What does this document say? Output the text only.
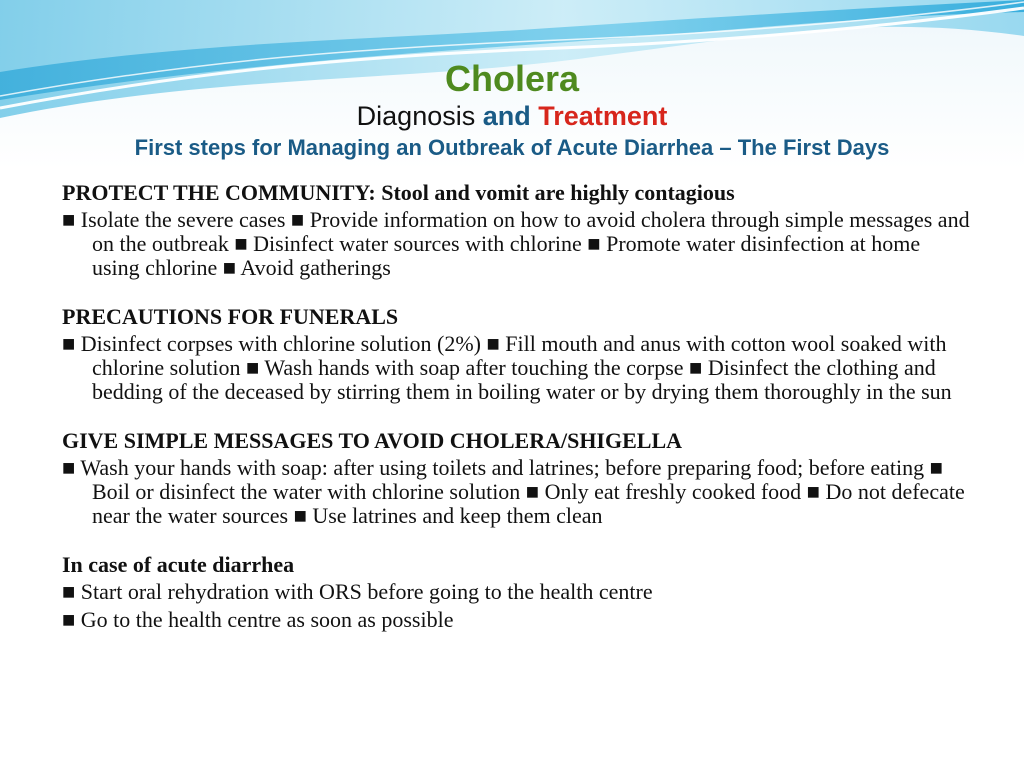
Cholera

Diagnosis and Treatment

First steps for Managing an Outbreak of Acute Diarrhea – The First Days

PROTECT THE COMMUNITY: Stool and vomit are highly contagious

■ Isolate the severe cases ■ Provide information on how to avoid cholera through simple messages and on the outbreak ■ Disinfect water sources with chlorine ■ Promote water disinfection at home using chlorine ■ Avoid gatherings

PRECAUTIONS FOR FUNERALS

■ Disinfect corpses with chlorine solution (2%) ■ Fill mouth and anus with cotton wool soaked with chlorine solution ■ Wash hands with soap after touching the corpse ■ Disinfect the clothing and bedding of the deceased by stirring them in boiling water or by drying them thoroughly in the sun

GIVE SIMPLE MESSAGES TO AVOID CHOLERA/SHIGELLA

■ Wash your hands with soap: after using toilets and latrines; before preparing food; before eating ■ Boil or disinfect the water with chlorine solution ■ Only eat freshly cooked food ■ Do not defecate near the water sources ■ Use latrines and keep them clean

In case of acute diarrhea

■ Start oral rehydration with ORS before going to the health centre

■ Go to the health centre as soon as possible
